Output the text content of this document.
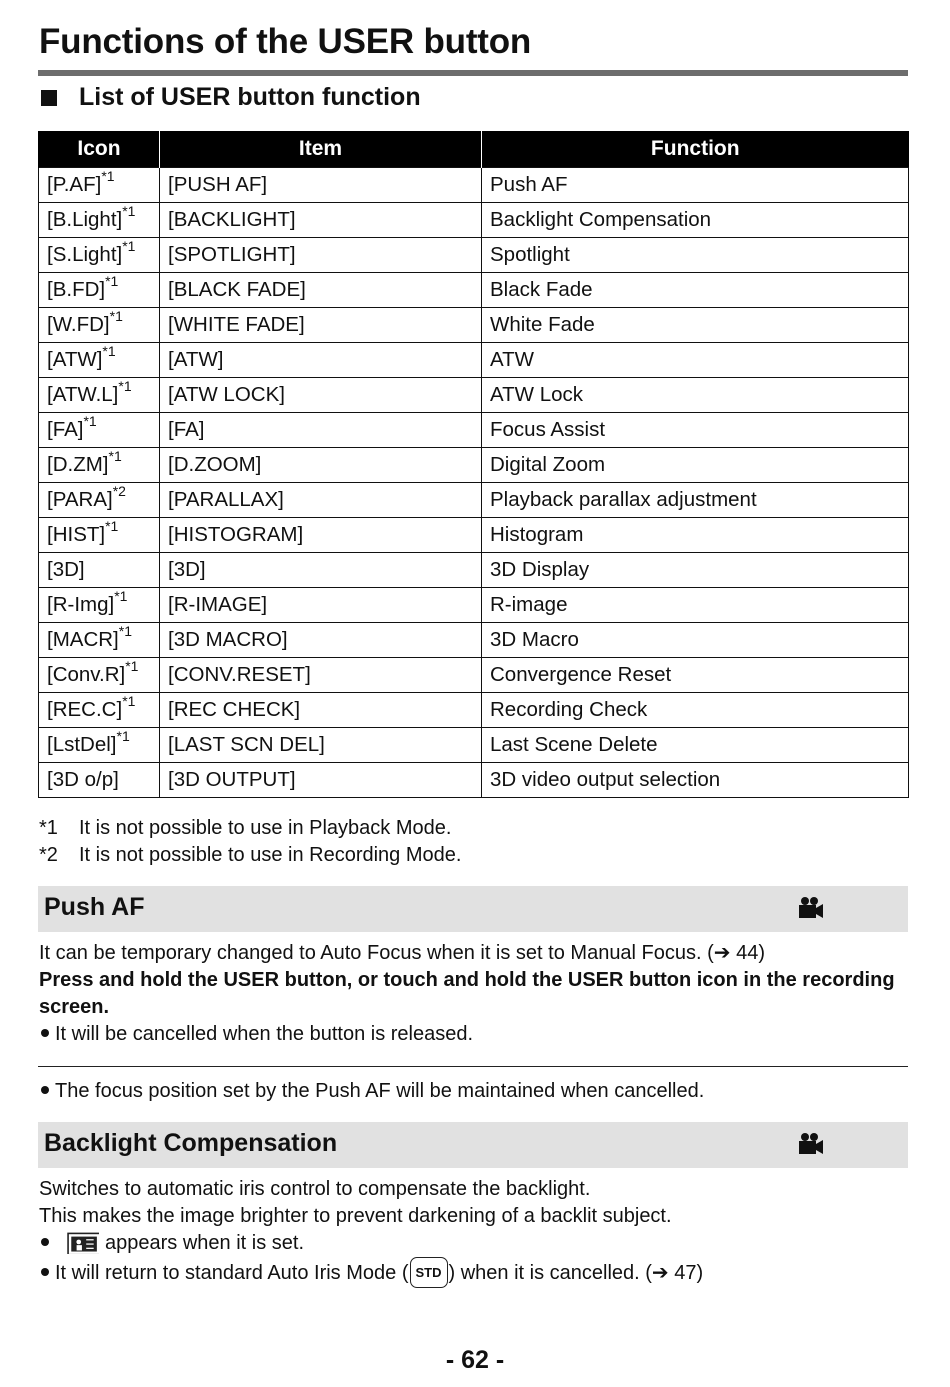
Functions of the USER button
List of USER button function
Icon	Item	Function
$[P.AF]^{*1}$	[PUSH AF]	Push AF
[B.Light]$^{*1}$	[BACKLIGHT]	Backlight Compensation
[S.Light]$^{*1}$	[SPOTLIGHT]	Spotlight
$[B.FD]^{*1}$	[BLACK FADE]	Black Fade
$[W.FD]^{*1}$	[WHITE FADE]	White Fade
[ATW]$^{*1}$	[ATW]	ATW
$[ATW.L]^{*1}$	[ATW LOCK]	ATW Lock
[FA]$^{*1}$	[FA]	Focus Assist
$[D.ZM]^{*1}$	[D.ZOOM]	Digital Zoom
[PARA]$^{*2}$	[PARALLAX]	Playback parallax adjustment
[HIST]$^{*1}$	[HISTOGRAM]	Histogram
[3D]	[3D]	3D Display
$[R-Img]^{*1}$	[R-IMAGE]	R-image
[MACR]$^{*1}$	[3D MACRO]	3D Macro
[Conv.R]$^{*1}$	[CONV.RESET]	Convergence Reset
$[REC.C]^{*1}$	[REC CHECK]	Recording Check
[LstDel]$^{*1}$	[LAST SCN DEL]	Last Scene Delete
[3D o/p]	[3D OUTPUT]	3D video output selection
*1	It is not possible to use in Playback Mode.
*2	It is not possible to use in Recording Mode.
Push AF
It can be temporary changed to Auto Focus when it is set to Manual Focus. (➔ 44)
Press and hold the USER button, or touch and hold the USER button icon in the recording screen.
It will be cancelled when the button is released.
The focus position set by the Push AF will be maintained when cancelled.
Backlight Compensation
Switches to automatic iris control to compensate the backlight.
This makes the image brighter to prevent darkening of a backlit subject.
appears when it is set.
It will return to standard Auto Iris Mode ( STD ) when it is cancelled. (➔ 47)
- 62 -
